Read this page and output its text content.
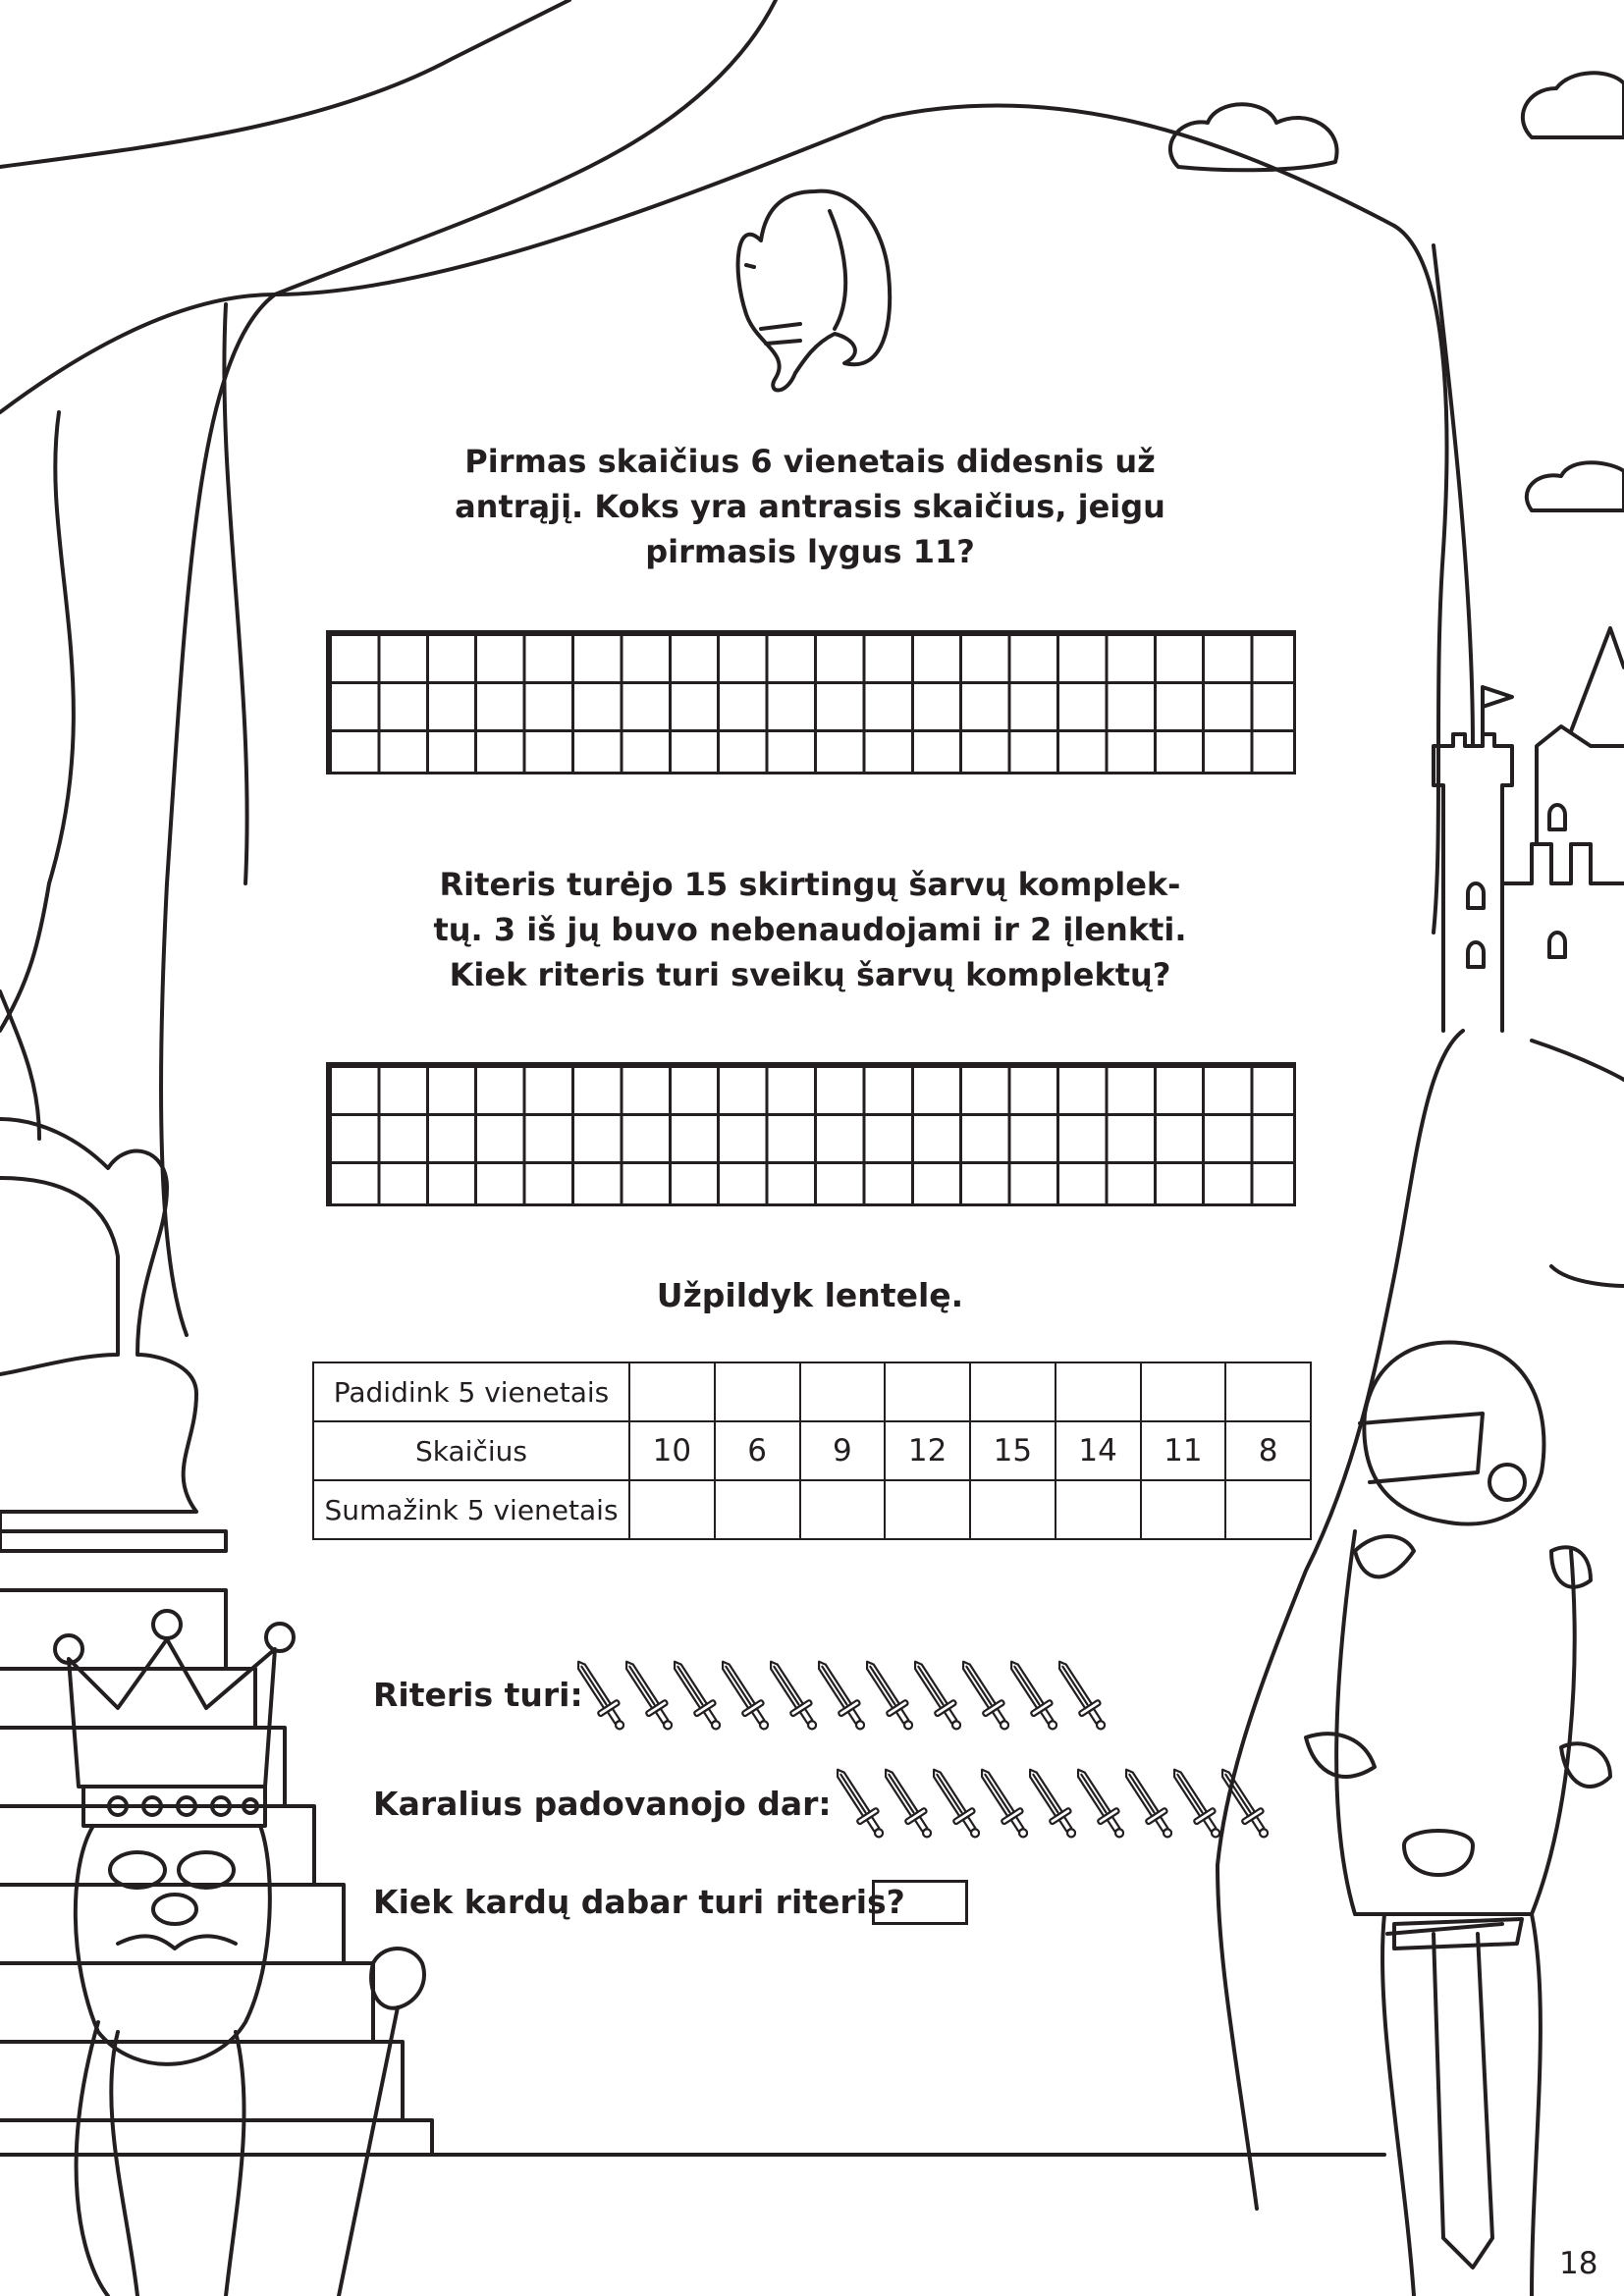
Pirmas skaičius 6 vienetais didesnis už
antrąjį. Koks yra antrasis skaičius, jeigu
pirmasis lygus 11?

Riteris turėjo 15 skirtingų šarvų komplek-
tų. 3 iš jų buvo nebenaudojami ir 2 įlenkti.
Kiek riteris turi sveikų šarvų komplektų?

Užpildyk lentelę.

Padidink 5 vienetais								
Skaičius	10	6	9	12	15	14	11	8
Sumažink 5 vienetais								
Riteris turi:
Karalius padovanojo dar:
Kiek kardų dabar turi riteris?
18
